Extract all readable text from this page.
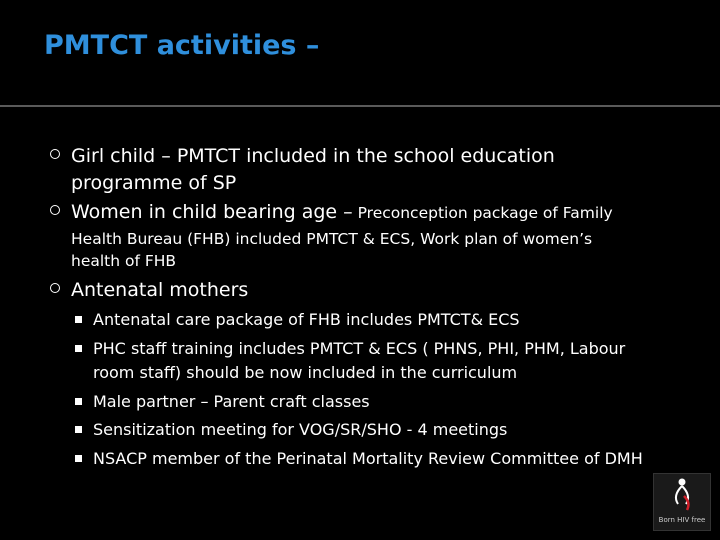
PMTCT activities –
Girl child – PMTCT included in the school education
programme of SP
Women in child bearing age – Preconception package of Family
Health Bureau (FHB) included PMTCT & ECS, Work plan of women’s
health of FHB
Antenatal mothers
Antenatal care package of FHB includes PMTCT& ECS
PHC staff training includes PMTCT & ECS ( PHNS, PHI, PHM, Labour
room staff) should be now included in the curriculum
Male partner – Parent craft classes
Sensitization meeting for VOG/SR/SHO - 4 meetings
NSACP member of the Perinatal Mortality Review Committee of DMH
Born HIV free
